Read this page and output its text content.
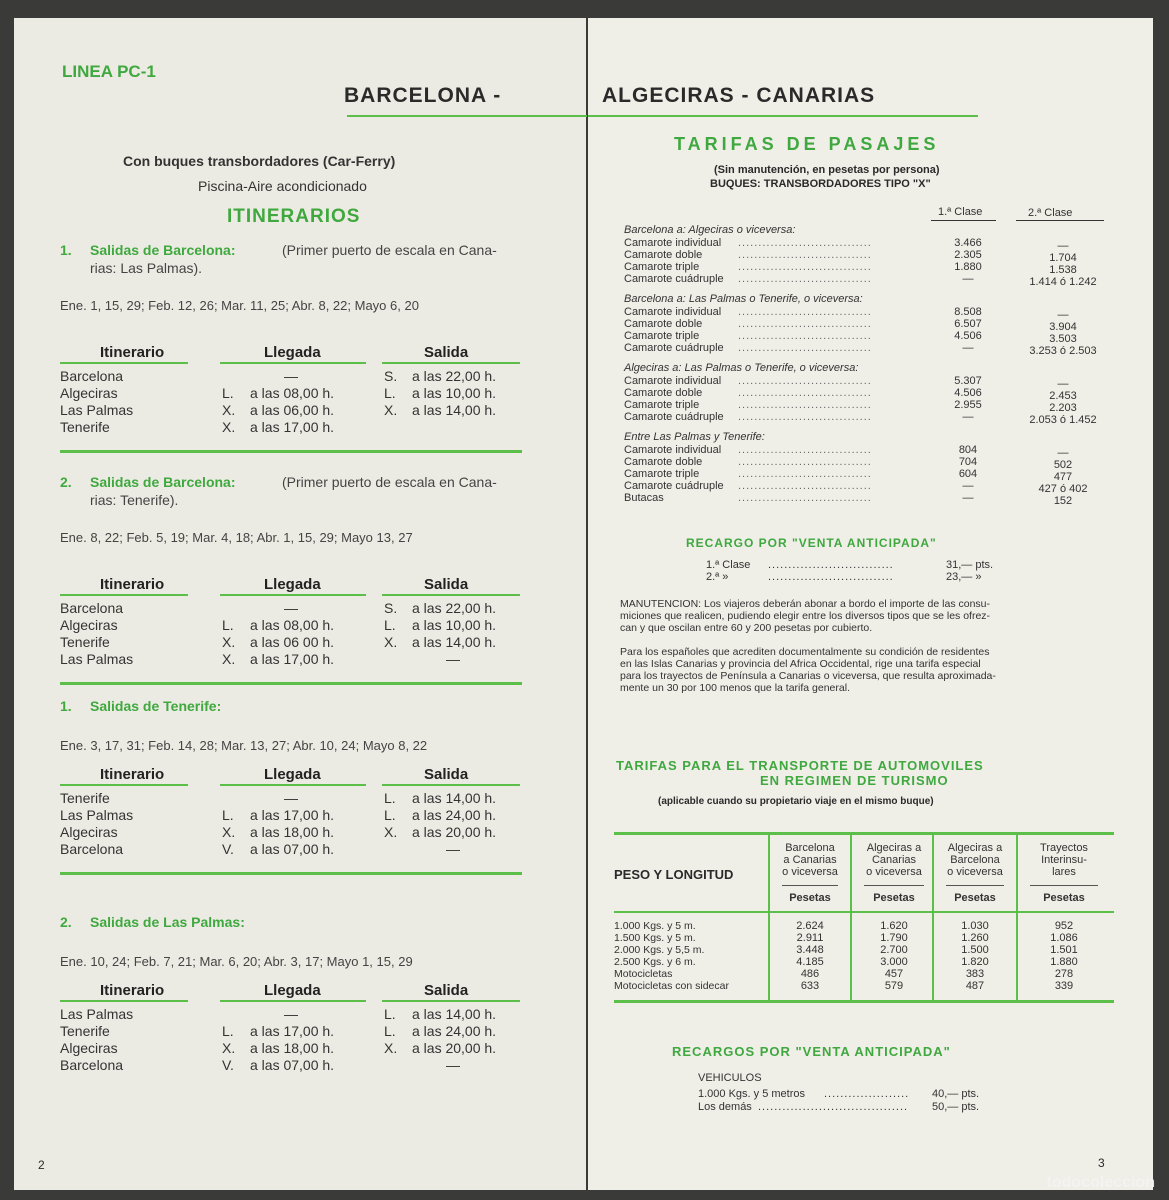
LINEA PC-1
BARCELONA -
Con buques transbordadores (Car-Ferry)
Piscina-Aire acondicionado
ITINERARIOS
1. Salidas de Barcelona:	(Primer puerto de escala en Cana-
rias: Las Palmas).
Ene. 1, 15, 29; Feb. 12, 26; Mar. 11, 25; Abr. 8, 22; Mayo 6, 20
Itinerario	Llegada	Salida
Barcelona	—	S. a las 22,00 h.
Algeciras	L. a las 08,00 h.	L. a las 10,00 h.
Las Palmas	X. a las 06,00 h.	X. a las 14,00 h.
Tenerife	X. a las 17,00 h.
2. Salidas de Barcelona:	(Primer puerto de escala en Cana-
rias: Tenerife).
Ene. 8, 22; Feb. 5, 19; Mar. 4, 18; Abr. 1, 15, 29; Mayo 13, 27
Itinerario	Llegada	Salida
Barcelona	—	S. a las 22,00 h.
Algeciras	L. a las 08,00 h.	L. a las 10,00 h.
Tenerife	X. a las 06 00 h.	X. a las 14,00 h.
Las Palmas	X. a las 17,00 h.	—
1. Salidas de Tenerife:
Ene. 3, 17, 31; Feb. 14, 28; Mar. 13, 27; Abr. 10, 24; Mayo 8, 22
Itinerario	Llegada	Salida
Tenerife	—	L. a las 14,00 h.
Las Palmas	L. a las 17,00 h.	L. a las 24,00 h.
Algeciras	X. a las 18,00 h.	X. a las 20,00 h.
Barcelona	V. a las 07,00 h.	—
2. Salidas de Las Palmas:
Ene. 10, 24; Feb. 7, 21; Mar. 6, 20; Abr. 3, 17; Mayo 1, 15, 29
Itinerario	Llegada	Salida
Las Palmas	—	L. a las 14,00 h.
Tenerife	L. a las 17,00 h.	L. a las 24,00 h.
Algeciras	X. a las 18,00 h.	X. a las 20,00 h.
Barcelona	V. a las 07,00 h.	—
2
ALGECIRAS - CANARIAS
TARIFAS DE PASAJES
(Sin manutención, en pesetas por persona)
BUQUES: TRANSBORDADORES TIPO "X"
1.ª Clase	2.ª Clase
Barcelona a: Algeciras o viceversa:
Camarote individual .................................	3.466	—
Camarote doble	.................................	2.305	1.704
Camarote triple	.................................	1.880	1.538
Camarote cuádruple .................................	—	1.414 ó 1.242
Barcelona a: Las Palmas o Tenerife, o viceversa:
Camarote individual .................................	8.508	—
Camarote doble	.................................	6.507	3.904
Camarote triple	.................................	4.506	3.503
Camarote cuádruple .................................	—	3.253 ó 2.503
Algeciras a: Las Palmas o Tenerife, o viceversa:
Camarote individual .................................	5.307	—
Camarote doble	.................................	4.506	2.453
Camarote triple	.................................	2.955	2.203
Camarote cuádruple .................................	—	2.053 ó 1.452
Entre Las Palmas y Tenerife:
Camarote individual .................................	804	—
Camarote doble	.................................	704	502
Camarote triple	.................................	604	477
Camarote cuádruple .................................	—	427 ó 402
Butacas	.................................	—	152
RECARGO POR "VENTA ANTICIPADA"
1.ª Clase ...............................	31,— pts.
2.ª »	...............................	23,— »
MANUTENCION: Los viajeros deberán abonar a bordo el importe de las consu-
miciones que realicen, pudiendo elegir entre los diversos tipos que se les ofrez-
can y que oscilan entre 60 y 200 pesetas por cubierto.
Para los españoles que acrediten documentalmente su condición de residentes
en las Islas Canarias y provincia del Africa Occidental, rige una tarifa especial
para los trayectos de Península a Canarias o viceversa, que resulta aproximada-
mente un 30 por 100 menos que la tarifa general.
TARIFAS PARA EL TRANSPORTE DE AUTOMOVILES
EN REGIMEN DE TURISMO
(aplicable cuando su propietario viaje en el mismo buque)
PESO Y LONGITUD
Barcelona
a Canarias
o viceversa
Pesetas
Algeciras a
Canarias
o viceversa
Pesetas
Algeciras a
Barcelona
o viceversa
Pesetas
Trayectos
Interinsu-
lares
Pesetas
1.000 Kgs. y 5 m.	2.624	1.620	1.030	952
1.500 Kgs. y 5 m.	2.911	1.790	1.260	1.086
2.000 Kgs. y 5,5 m.	3.448	2.700	1.500	1.501
2.500 Kgs. y 6 m.	4.185	3.000	1.820	1.880
Motocicletas	486	457	383	278
Motocicletas con sidecar	633	579	487	339
RECARGOS POR "VENTA ANTICIPADA"
VEHICULOS
1.000 Kgs. y 5 metros ..................... 40,— pts.
Los demás ..................................... 50,— pts.
3
todocoleccion
